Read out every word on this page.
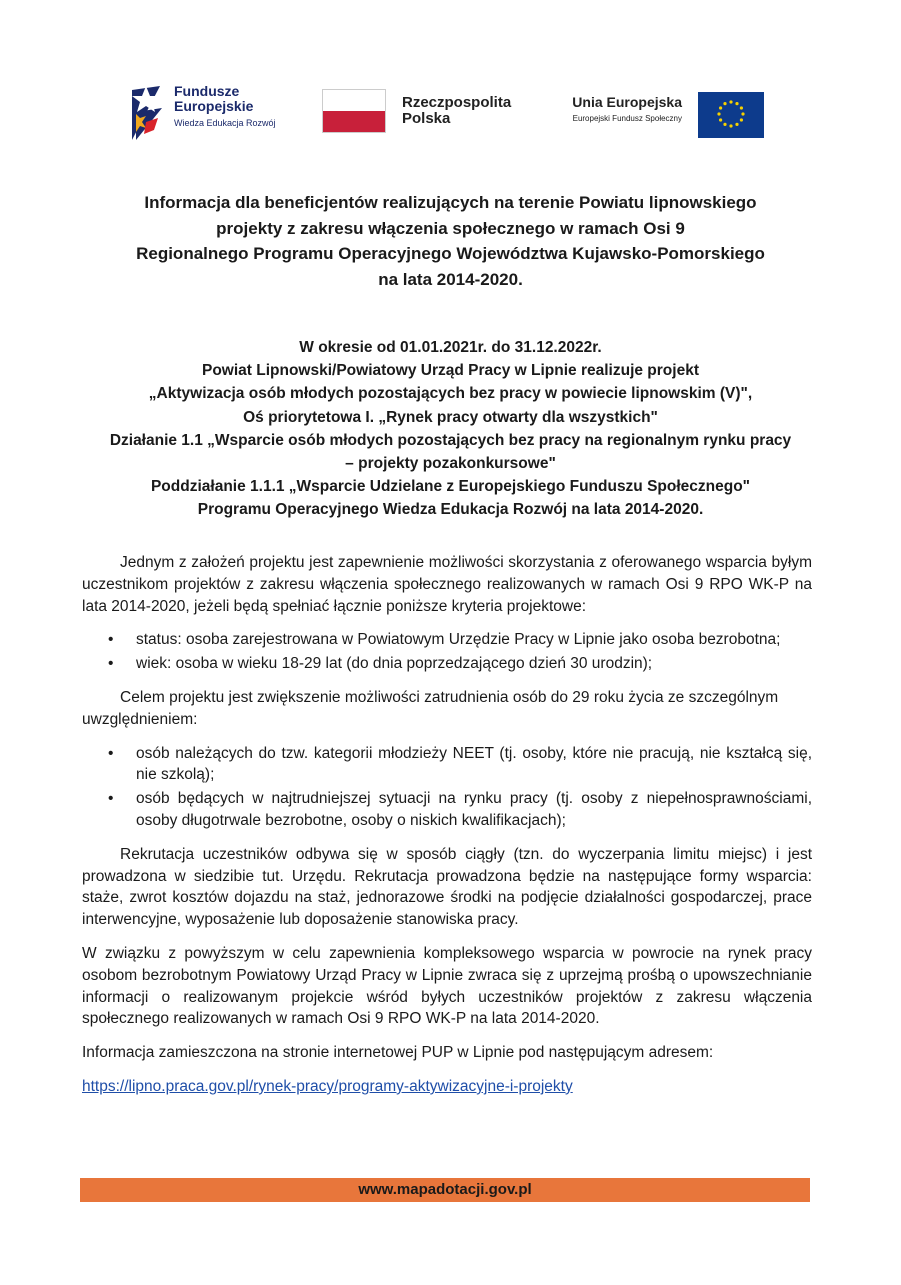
Fundusze
Europejskie
Wiedza Edukacja Rozwój
Rzeczpospolita
Polska
Unia Europejska
Europejski Fundusz Społeczny
Informacja dla beneficjentów realizujących na terenie Powiatu lipnowskiego
projekty z zakresu włączenia społecznego w ramach Osi 9
Regionalnego Programu Operacyjnego Województwa Kujawsko-Pomorskiego
na lata 2014-2020.
W okresie od 01.01.2021r. do 31.12.2022r.
Powiat Lipnowski/Powiatowy Urząd Pracy w Lipnie realizuje projekt
„Aktywizacja osób młodych pozostających bez pracy w powiecie lipnowskim (V)",
Oś priorytetowa I. „Rynek pracy otwarty dla wszystkich"
Działanie 1.1 „Wsparcie osób młodych pozostających bez pracy na regionalnym rynku pracy
– projekty pozakonkursowe"
Poddziałanie 1.1.1 „Wsparcie Udzielane z Europejskiego Funduszu Społecznego"
Programu Operacyjnego Wiedza Edukacja Rozwój na lata 2014-2020.

Jednym z założeń projektu jest zapewnienie możliwości skorzystania z oferowanego wsparcia byłym uczestnikom projektów z zakresu włączenia społecznego realizowanych w ramach Osi 9 RPO WK-P na lata 2014-2020, jeżeli będą spełniać łącznie poniższe kryteria projektowe:

• status: osoba zarejestrowana w Powiatowym Urzędzie Pracy w Lipnie jako osoba bezrobotna;
• wiek: osoba w wieku 18-29 lat (do dnia poprzedzającego dzień 30 urodzin);

Celem projektu jest zwiększenie możliwości zatrudnienia osób do 29 roku życia ze szczególnym uwzględnieniem:

• osób należących do tzw. kategorii młodzieży NEET (tj. osoby, które nie pracują, nie kształcą się, nie szkolą);
• osób będących w najtrudniejszej sytuacji na rynku pracy (tj. osoby z niepełnosprawnościami, osoby długotrwale bezrobotne, osoby o niskich kwalifikacjach);

Rekrutacja uczestników odbywa się w sposób ciągły (tzn. do wyczerpania limitu miejsc) i jest prowadzona w siedzibie tut. Urzędu. Rekrutacja prowadzona będzie na następujące formy wsparcia: staże, zwrot kosztów dojazdu na staż, jednorazowe środki na podjęcie działalności gospodarczej, prace interwencyjne, wyposażenie lub doposażenie stanowiska pracy.

W związku z powyższym w celu zapewnienia kompleksowego wsparcia w powrocie na rynek pracy osobom bezrobotnym Powiatowy Urząd Pracy w Lipnie zwraca się z uprzejmą prośbą o upowszechnianie informacji o realizowanym projekcie wśród byłych uczestników projektów z zakresu włączenia społecznego realizowanych w ramach Osi 9 RPO WK-P na lata 2014-2020.

Informacja zamieszczona na stronie internetowej PUP w Lipnie pod następującym adresem:

https://lipno.praca.gov.pl/rynek-pracy/programy-aktywizacyjne-i-projekty

www.mapadotacji.gov.pl
